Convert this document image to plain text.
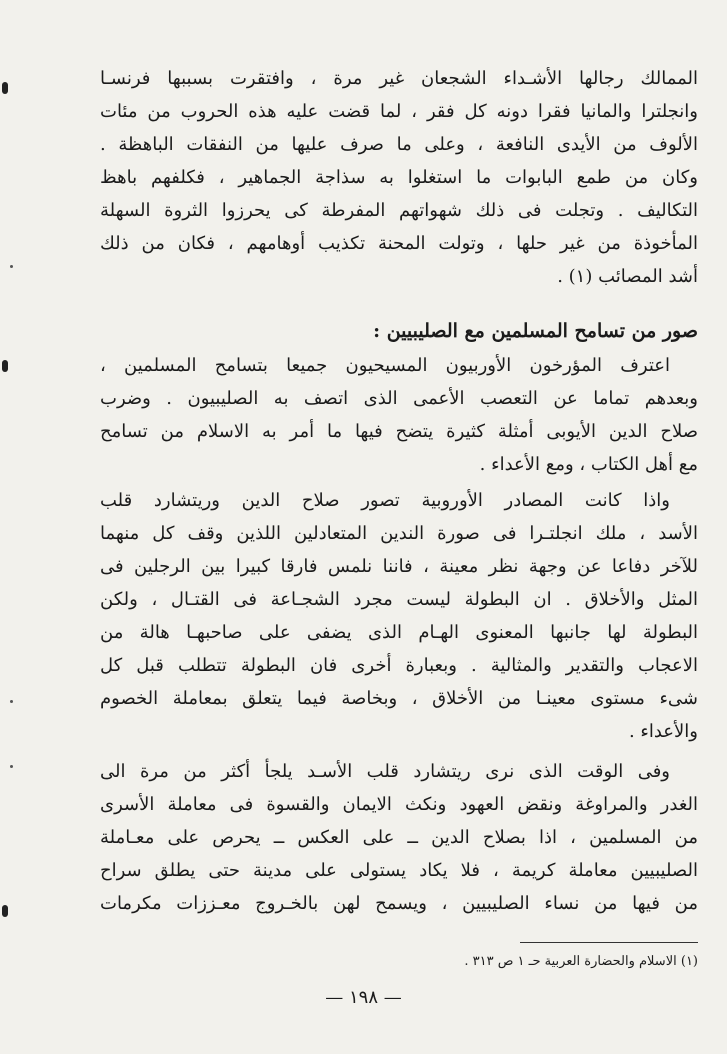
الممالك رجالها الأشـداء الشجعان غير مرة ، وافتقرت بسببها فرنسـا
وانجلترا والمانيا فقرا دونه كل فقر ، لما قضت عليه هذه الحروب من مئات
الألوف من الأيدى النافعة ، وعلى ما صرف عليها من النفقات الباهظة .
وكان من طمع البابوات ما استغلوا به سذاجة الجماهير ، فكلفهم باهظ
التكاليف . وتجلت فى ذلك شهواتهم المفرطة كى يحرزوا الثروة السهلة
المأخوذة من غير حلها ، وتولت المحنة تكذيب أوهامهم ، فكان من ذلك
أشد المصائب (١) .
صور من تسامح المسلمين مع الصليبيين :
اعترف المؤرخون الأوربيون المسيحيون جميعا بتسامح المسلمين ،
وبعدهم تماما عن التعصب الأعمى الذى اتصف به الصليبيون . وضرب
صلاح الدين الأيوبى أمثلة كثيرة يتضح فيها ما أمر به الاسلام من تسامح
مع أهل الكتاب ، ومع الأعداء .
واذا كانت المصادر الأوروبية تصور صلاح الدين وريتشارد قلب
الأسد ، ملك انجلتـرا فى صورة الندين المتعادلين اللذين وقف كل منهما
للآخر دفاعا عن وجهة نظر معينة ، فاننا نلمس فارقا كبيرا بين الرجلين فى
المثل والأخلاق . ان البطولة ليست مجرد الشجـاعة فى القتـال ، ولكن
البطولة لها جانبها المعنوى الهـام الذى يضفى على صاحبهـا هالة من
الاعجاب والتقدير والمثالية . وبعبارة أخرى فان البطولة تتطلب قبل كل
شىء مستوى معينـا من الأخلاق ، وبخاصة فيما يتعلق بمعاملة الخصوم
والأعداء .
وفى الوقت الذى نرى ريتشارد قلب الأسـد يلجأ أكثر من مرة الى
الغدر والمراوغة ونقض العهود ونكث الايمان والقسوة فى معاملة الأسرى
من المسلمين ، اذا بصلاح الدين ــ على العكس ــ يحرص على معـاملة
الصليبيين معاملة كريمة ، فلا يكاد يستولى على مدينة حتى يطلق سراح
من فيها من نساء الصليبيين ، ويسمح لهن بالخـروج معـززات مكرمات
(١) الاسلام والحضارة العربية حـ ١ ص ٣١٣ .
— ١٩٨ —
